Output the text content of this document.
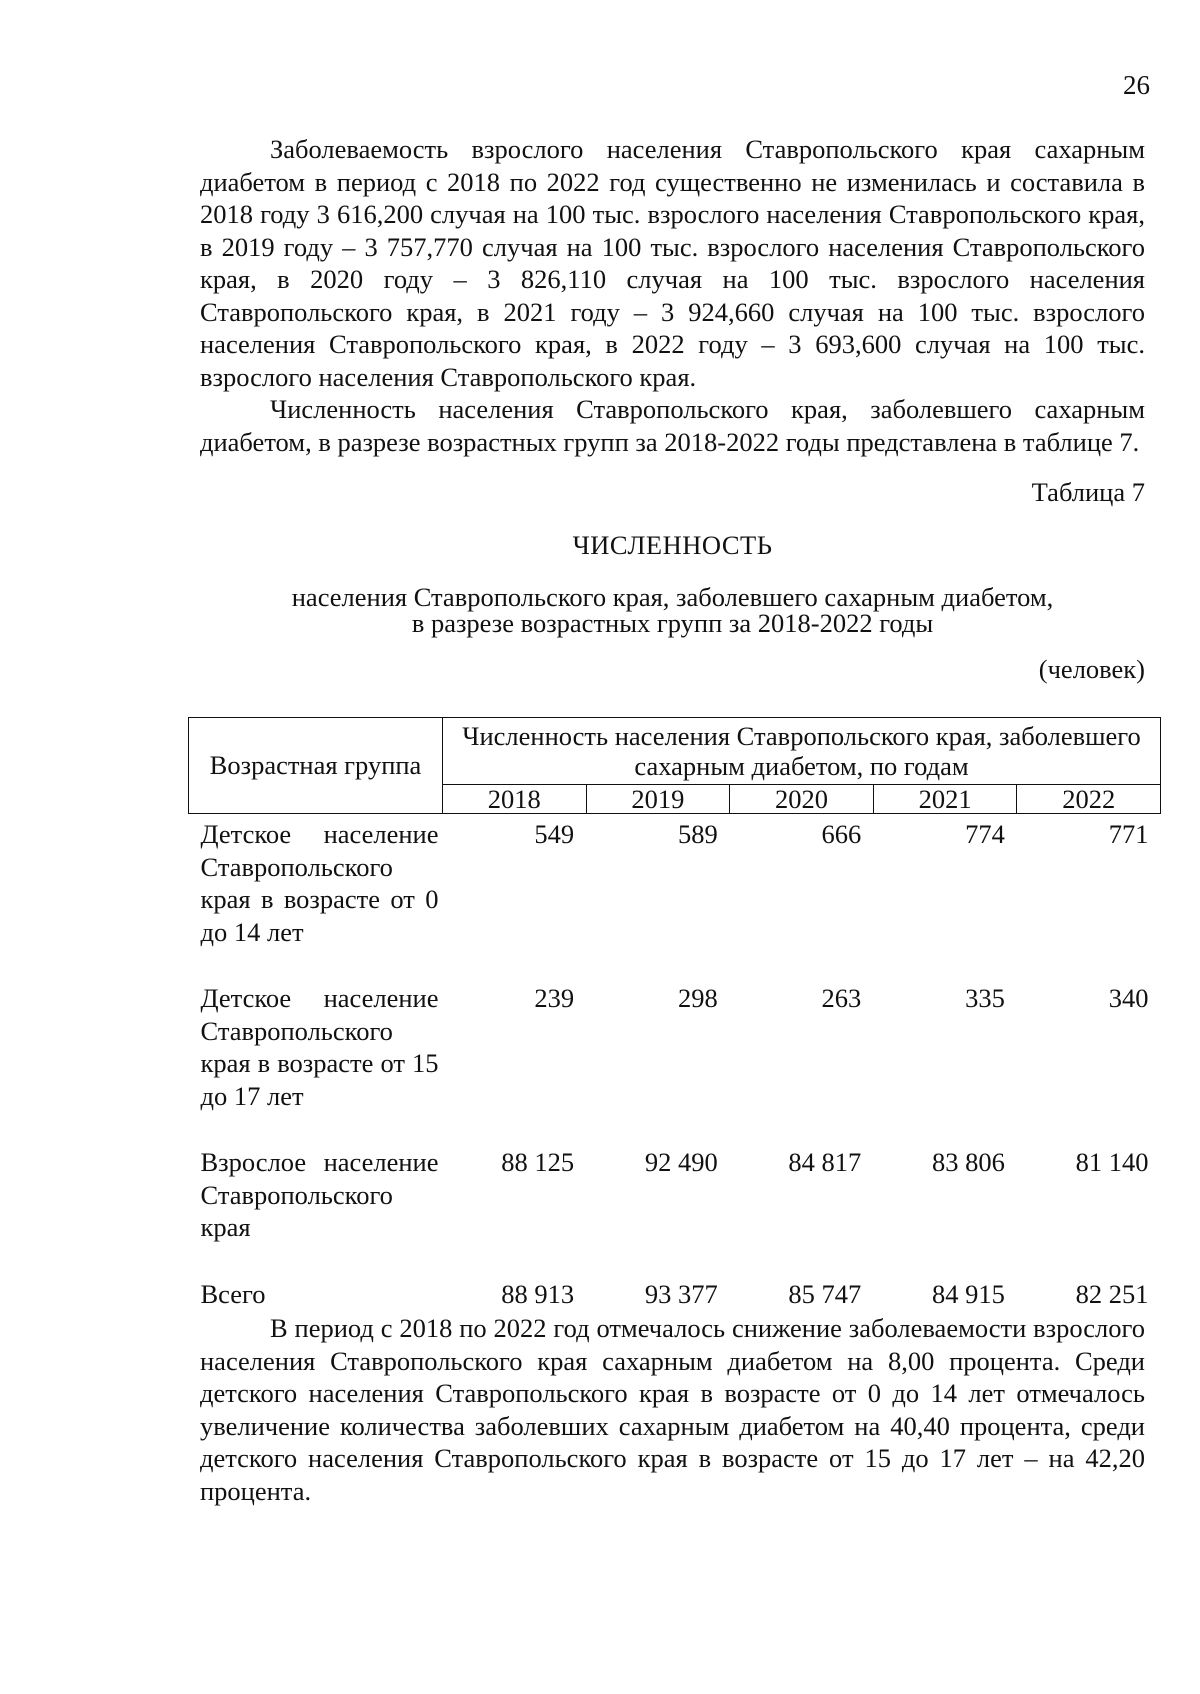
26

Заболеваемость взрослого населения Ставропольского края сахарным диабетом в период с 2018 по 2022 год существенно не изменилась и составила в 2018 году 3 616,200 случая на 100 тыс. взрослого населения Ставропольского края, в 2019 году – 3 757,770 случая на 100 тыс. взрослого населения Ставропольского края, в 2020 году – 3 826,110 случая на 100 тыс. взрослого населения Ставропольского края, в 2021 году – 3 924,660 случая на 100 тыс. взрослого населения Ставропольского края, в 2022 году – 3 693,600 случая на 100 тыс. взрослого населения Ставропольского края.

Численность населения Ставропольского края, заболевшего сахарным диабетом, в разрезе возрастных групп за 2018-2022 годы представлена в таблице 7.

Таблица 7
ЧИСЛЕННОСТЬ
населения Ставропольского края, заболевшего сахарным диабетом,
в разрезе возрастных групп за 2018-2022 годы
(человек)
Возрастная группа	Численность населения Ставропольского края, заболевшего сахарным диабетом, по годам				
	2018	2019	2020	2021	2022
Детское население Ставропольского края в возрасте от 0 до 14 лет	549	589	666	774	771
Детское население Ставропольского края в возрасте от 15 до 17 лет	239	298	263	335	340
Взрослое население Ставропольского края	88 125	92 490	84 817	83 806	81 140
Всего	88 913	93 377	85 747	84 915	82 251

В период с 2018 по 2022 год отмечалось снижение заболеваемости взрослого населения Ставропольского края сахарным диабетом на 8,00 процента. Среди детского населения Ставропольского края в возрасте от 0 до 14 лет отмечалось увеличение количества заболевших сахарным диабетом на 40,40 процента, среди детского населения Ставропольского края в возрасте от 15 до 17 лет – на 42,20 процента.
